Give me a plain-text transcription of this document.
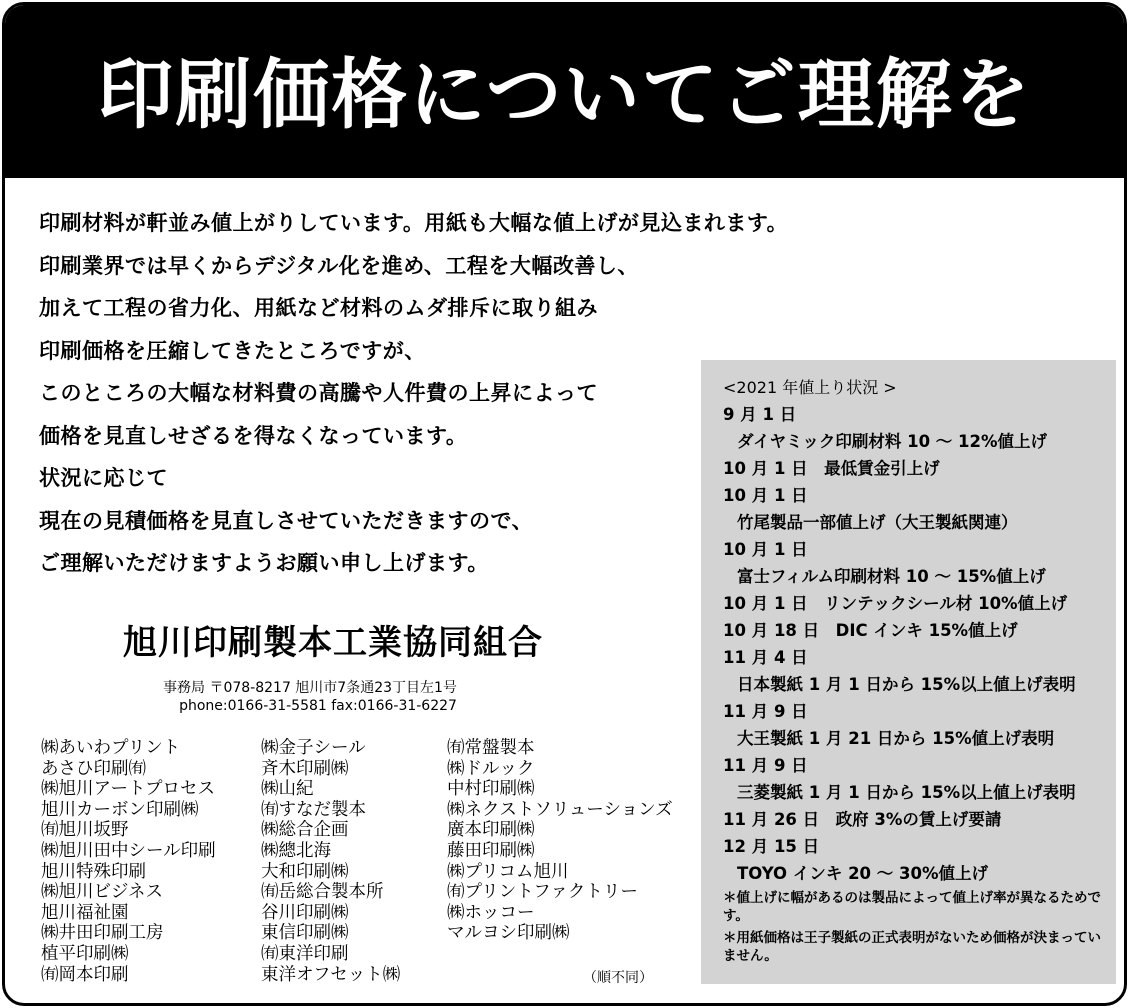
印刷価格についてご理解を
印刷材料が軒並み値上がりしています。用紙も大幅な値上げが見込まれます。
印刷業界では早くからデジタル化を進め、工程を大幅改善し、
加えて工程の省力化、用紙など材料のムダ排斥に取り組み
印刷価格を圧縮してきたところですが、
このところの大幅な材料費の高騰や人件費の上昇によって
価格を見直しせざるを得なくなっています。
状況に応じて
現在の見積価格を見直しさせていただきますので、
ご理解いただけますようお願い申し上げます。
旭川印刷製本工業協同組合
事務局 〒078-8217 旭川市7条通23丁目左1号
phone:0166-31-5581 fax:0166-31-6227
㈱あいわプリント
あさひ印刷㈲
㈱旭川アートプロセス
旭川カーボン印刷㈱
㈲旭川坂野
㈱旭川田中シール印刷
旭川特殊印刷
㈱旭川ビジネス
旭川福祉園
㈱井田印刷工房
植平印刷㈱
㈲岡本印刷
㈱金子シール
斉木印刷㈱
㈱山紀
㈲すなだ製本
㈱総合企画
㈱總北海
大和印刷㈱
㈲岳総合製本所
谷川印刷㈱
東信印刷㈱
㈲東洋印刷
東洋オフセット㈱
㈲常盤製本
㈱ドルック
中村印刷㈱
㈱ネクストソリューションズ
廣本印刷㈱
藤田印刷㈱
㈱プリコム旭川
㈲プリントファクトリー
㈱ホッコー
マルヨシ印刷㈱
（順不同）
<2021 年値上り状況 >
9 月 1 日
ダイヤミック印刷材料 10 ～ 12%値上げ
10 月 1 日　最低賃金引上げ
10 月 1 日
竹尾製品一部値上げ（大王製紙関連）
10 月 1 日
富士フィルム印刷材料 10 ～ 15%値上げ
10 月 1 日　リンテックシール材 10%値上げ
10 月 18 日　DIC インキ 15%値上げ
11 月 4 日
日本製紙 1 月 1 日から 15%以上値上げ表明
11 月 9 日
大王製紙 1 月 21 日から 15%値上げ表明
11 月 9 日
三菱製紙 1 月 1 日から 15%以上値上げ表明
11 月 26 日　政府 3%の賃上げ要請
12 月 15 日
TOYO インキ 20 ～ 30%値上げ
＊値上げに幅があるのは製品によって値上げ率が異なるためです。
＊用紙価格は王子製紙の正式表明がないため価格が決まっていません。
